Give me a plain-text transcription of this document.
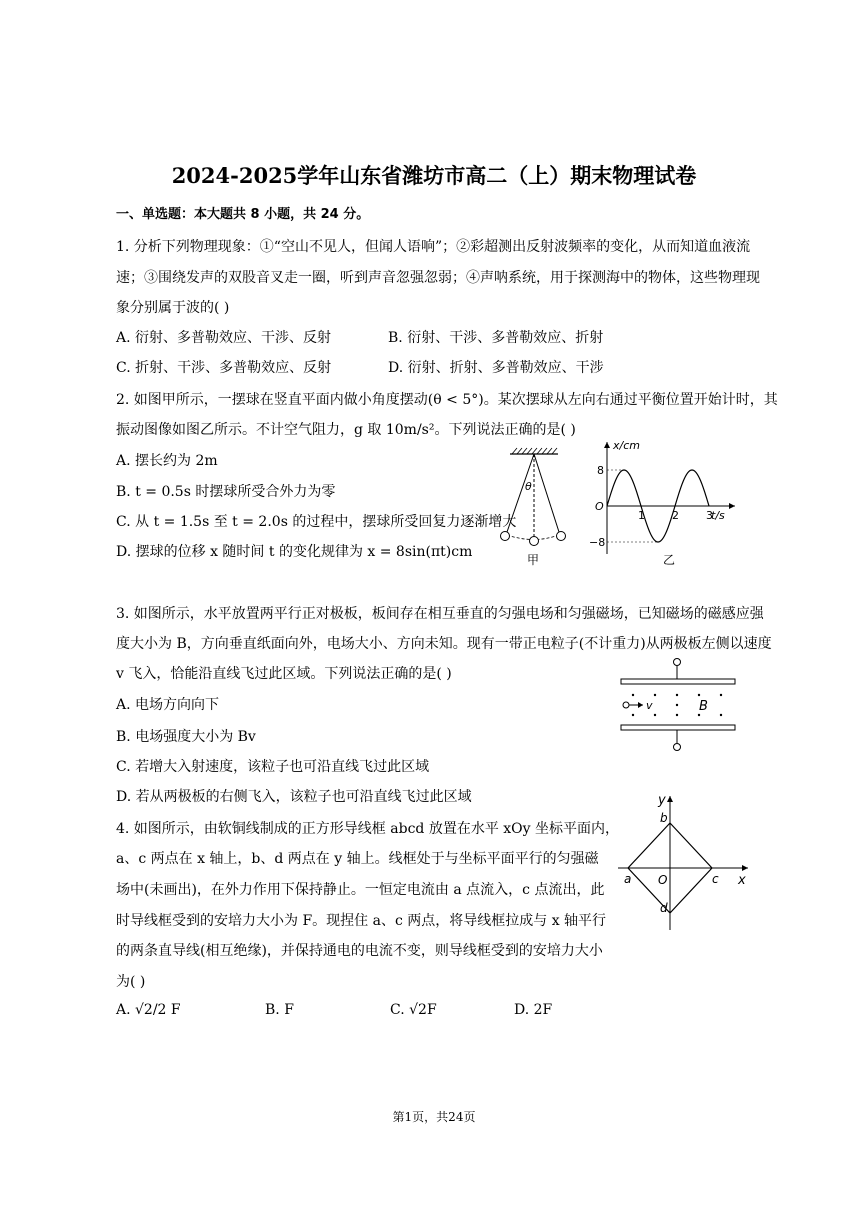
2024-2025学年山东省潍坊市高二（上）期末物理试卷
一、单选题：本大题共 8 小题，共 24 分。
1. 分析下列物理现象：①“空山不见人，但闻人语响”；②彩超测出反射波频率的变化，从而知道血液流
速；③围绕发声的双股音叉走一圈，听到声音忽强忽弱；④声呐系统，用于探测海中的物体，这些物理现
象分别属于波的( )
A. 衍射、多普勒效应、干涉、反射	B. 衍射、干涉、多普勒效应、折射
C. 折射、干涉、多普勒效应、反射	D. 衍射、折射、多普勒效应、干涉
2. 如图甲所示，一摆球在竖直平面内做小角度摆动(θ < 5°)。某次摆球从左向右通过平衡位置开始计时，其
振动图像如图乙所示。不计空气阻力，g 取 10m/s²。下列说法正确的是( )
A. 摆长约为 2m
B. t = 0.5s 时摆球所受合外力为零
C. 从 t = 1.5s 至 t = 2.0s 的过程中，摆球所受回复力逐渐增大
D. 摆球的位移 x 随时间 t 的变化规律为 x = 8sin(πt)cm
θ
甲
1 2 3
8
−8
x/cm
t/s
O
乙
3. 如图所示，水平放置两平行正对极板，板间存在相互垂直的匀强电场和匀强磁场，已知磁场的磁感应强
度大小为 B，方向垂直纸面向外，电场大小、方向未知。现有一带正电粒子(不计重力)从两极板左侧以速度
v 飞入，恰能沿直线飞过此区域。下列说法正确的是( )
A. 电场方向向下
B. 电场强度大小为 Bv
C. 若增大入射速度，该粒子也可沿直线飞过此区域
D. 若从两极板的右侧飞入，该粒子也可沿直线飞过此区域
v	B
4. 如图所示，由软铜线制成的正方形导线框 abcd 放置在水平 xOy 坐标平面内，
a、c 两点在 x 轴上，b、d 两点在 y 轴上。线框处于与坐标平面平行的匀强磁
场中(未画出)，在外力作用下保持静止。一恒定电流由 a 点流入，c 点流出，此
时导线框受到的安培力大小为 F。现捏住 a、c 两点，将导线框拉成与 x 轴平行
的两条直导线(相互绝缘)，并保持通电的电流不变，则导线框受到的安培力大小
为( )
A. √2/2 F	B. F	C. √2F	D. 2F
x
y
b
a	c
d
O
第1页，共24页
